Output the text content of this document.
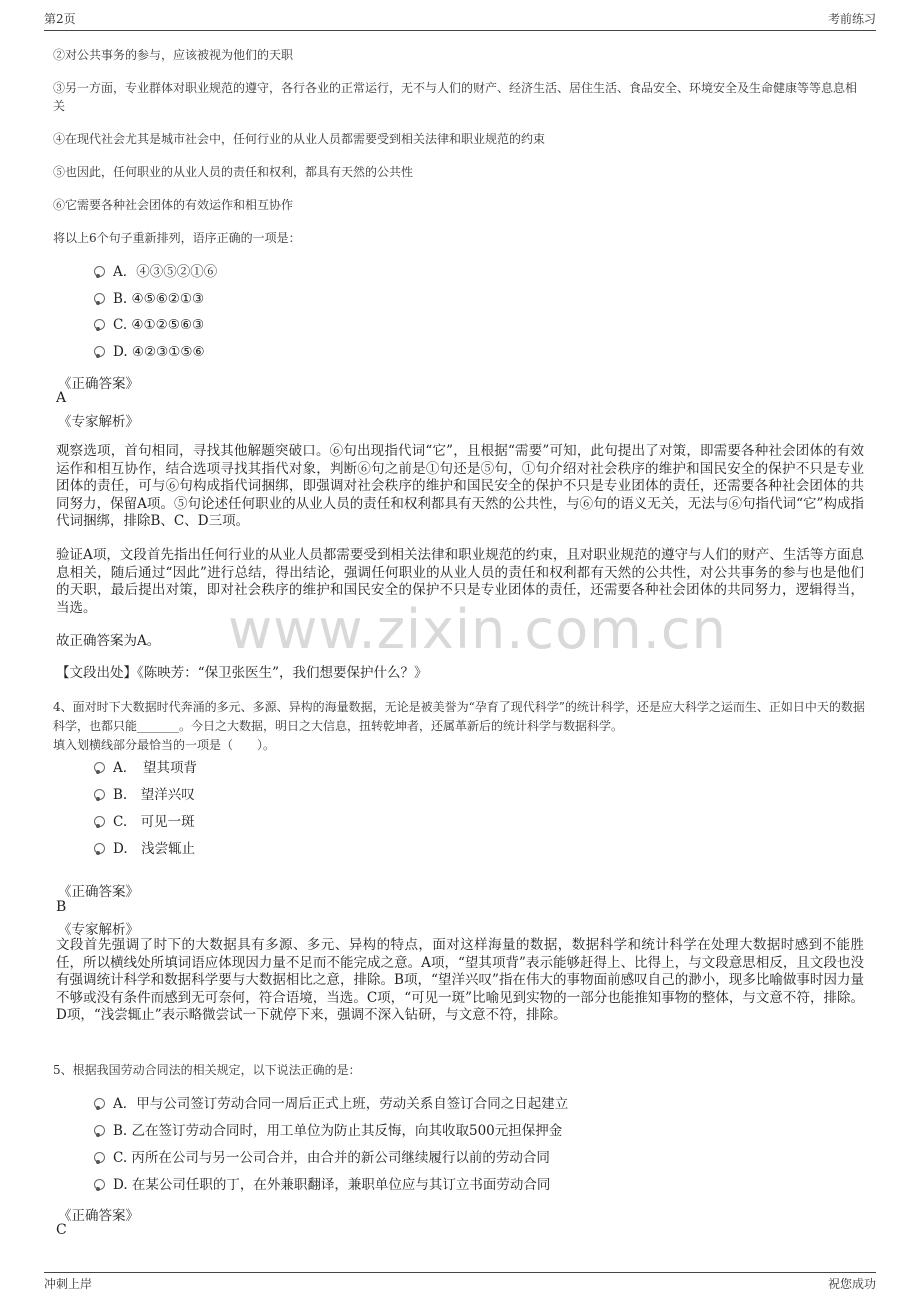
第2页	考前练习
www.zixin.com.cn
②对公共事务的参与，应该被视为他们的天职
③另一方面，专业群体对职业规范的遵守，各行各业的正常运行，无不与人们的财产、经济生活、居住生活、食品安全、环境安全及生命健康等等息息相关
④在现代社会尤其是城市社会中，任何行业的从业人员都需要受到相关法律和职业规范的约束
⑤也因此，任何职业的从业人员的责任和权利，都具有天然的公共性
⑥它需要各种社会团体的有效运作和相互协作
将以上6个句子重新排列，语序正确的一项是：
A．④③⑤②①⑥
B. ④⑤⑥②①③
C. ④①②⑤⑥③
D. ④②③①⑤⑥
《正确答案》
A
《专家解析》
观察选项，首句相同，寻找其他解题突破口。⑥句出现指代词“它”，且根据“需要”可知，此句提出了对策，即需要各种社会团体的有效运作和相互协作，结合选项寻找其指代对象，判断⑥句之前是①句还是⑤句，①句介绍对社会秩序的维护和国民安全的保护不只是专业团体的责任，可与⑥句构成指代词捆绑，即强调对社会秩序的维护和国民安全的保护不只是专业团体的责任，还需要各种社会团体的共同努力，保留A项。⑤句论述任何职业的从业人员的责任和权利都具有天然的公共性，与⑥句的语义无关，无法与⑥句指代词“它”构成指代词捆绑，排除B、C、D三项。
验证A项，文段首先指出任何行业的从业人员都需要受到相关法律和职业规范的约束，且对职业规范的遵守与人们的财产、生活等方面息息相关，随后通过“因此”进行总结，得出结论，强调任何职业的从业人员的责任和权利都有天然的公共性，对公共事务的参与也是他们的天职，最后提出对策，即对社会秩序的维护和国民安全的保护不只是专业团体的责任，还需要各种社会团体的共同努力，逻辑得当，当选。
故正确答案为A。
【文段出处】《陈映芳：“保卫张医生”，我们想要保护什么？》
4、面对时下大数据时代奔涌的多元、多源、异构的海量数据，无论是被美誉为“孕育了现代科学”的统计科学，还是应大科学之运而生、正如日中天的数据科学，也都只能_______。今日之大数据，明日之大信息，扭转乾坤者，还属革新后的统计科学与数据科学。
填入划横线部分最恰当的一项是（　　）。
A．　望其项背
B.　望洋兴叹
C.　可见一斑
D.　浅尝辄止
《正确答案》
B
《专家解析》
文段首先强调了时下的大数据具有多源、多元、异构的特点，面对这样海量的数据，数据科学和统计科学在处理大数据时感到不能胜任，所以横线处所填词语应体现因力量不足而不能完成之意。A项，“望其项背”表示能够赶得上、比得上，与文段意思相反，且文段也没有强调统计科学和数据科学要与大数据相比之意，排除。B项，“望洋兴叹”指在伟大的事物面前感叹自己的渺小，现多比喻做事时因力量不够或没有条件而感到无可奈何，符合语境，当选。C项，“可见一斑”比喻见到实物的一部分也能推知事物的整体，与文意不符，排除。D项，“浅尝辄止”表示略微尝试一下就停下来，强调不深入钻研，与文意不符，排除。
5、根据我国劳动合同法的相关规定，以下说法正确的是：
A．甲与公司签订劳动合同一周后正式上班，劳动关系自签订合同之日起建立
B. 乙在签订劳动合同时，用工单位为防止其反悔，向其收取500元担保押金
C. 丙所在公司与另一公司合并，由合并的新公司继续履行以前的劳动合同
D. 在某公司任职的丁，在外兼职翻译，兼职单位应与其订立书面劳动合同
《正确答案》
C
冲刺上岸	祝您成功
